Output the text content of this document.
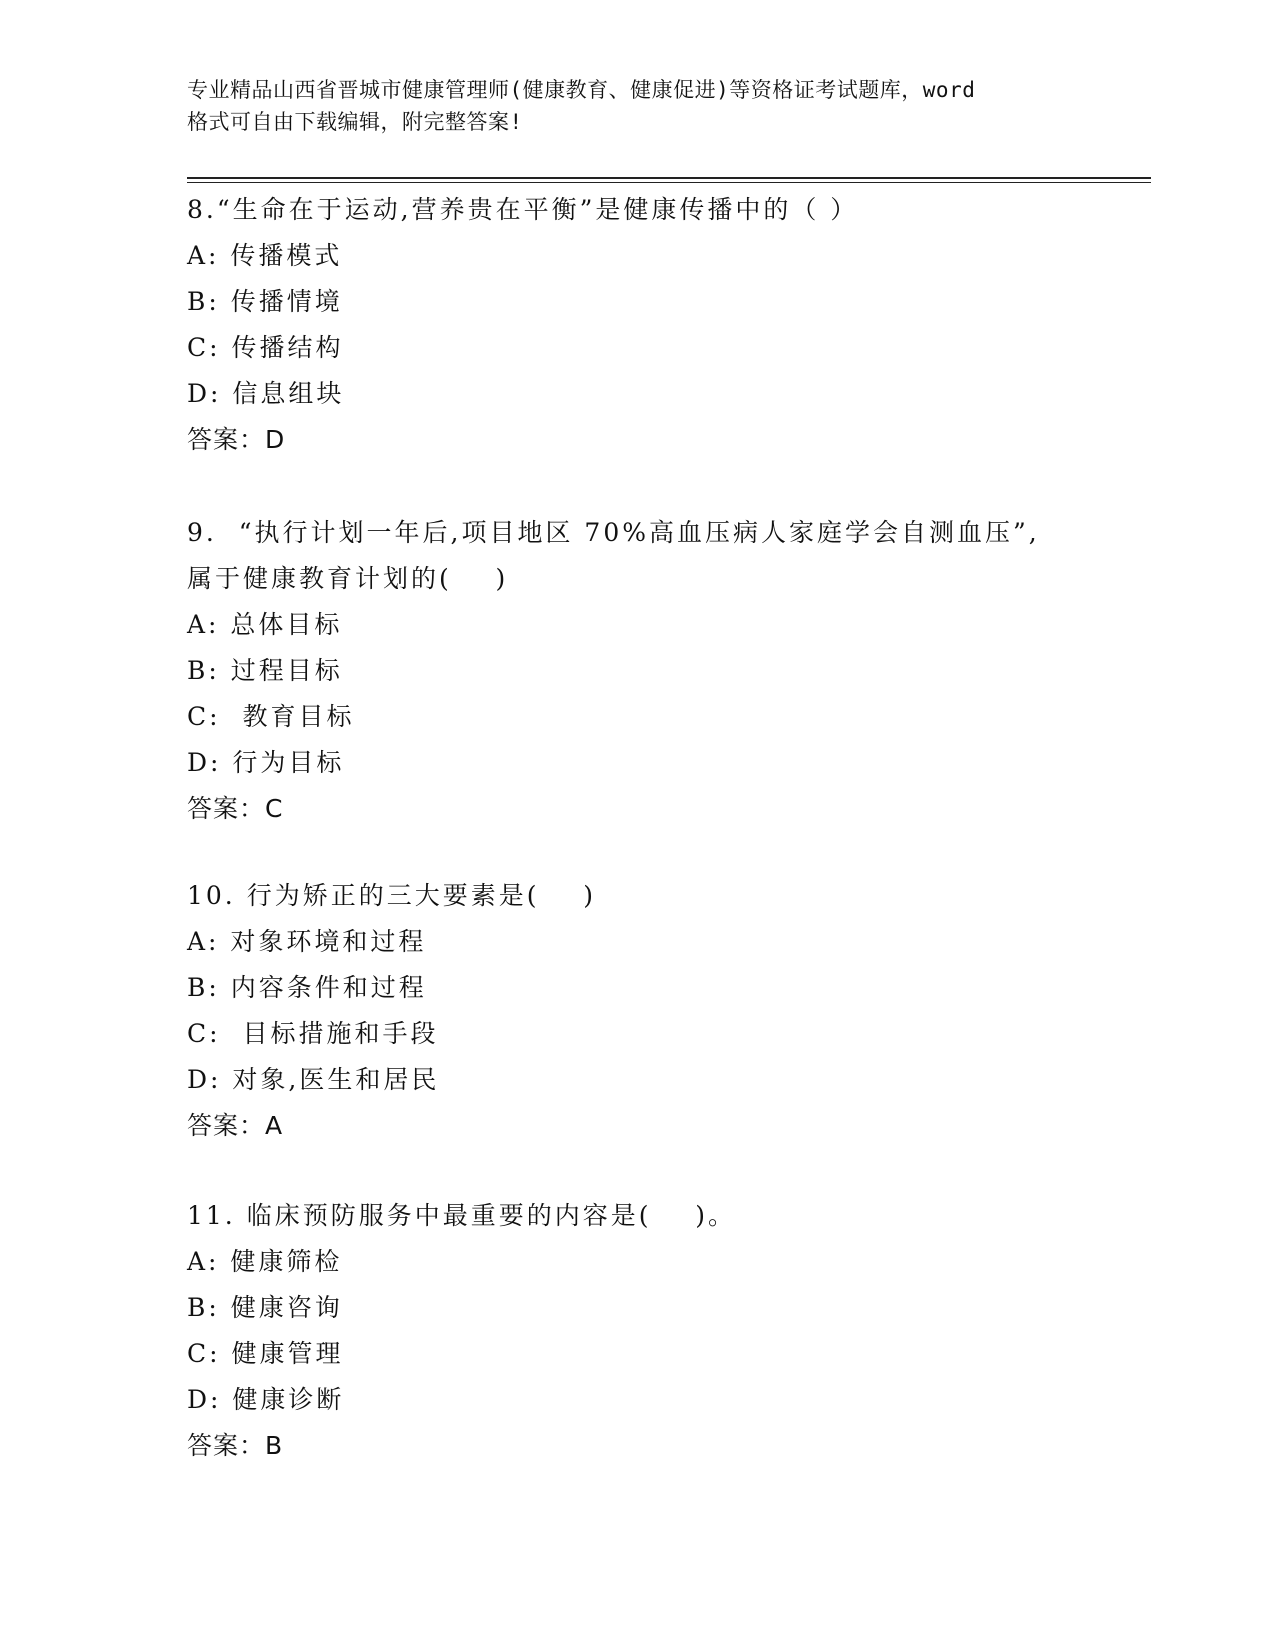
专业精品山西省晋城市健康管理师(健康教育、健康促进)等资格证考试题库，word
格式可自由下载编辑，附完整答案!
8.“生命在于运动,营养贵在平衡”是健康传播中的（ ）
A: 传播模式
B: 传播情境
C: 传播结构
D: 信息组块
答案：D
9.  “执行计划一年后,项目地区 70%高血压病人家庭学会自测血压”,
属于健康教育计划的(    )
A: 总体目标
B: 过程目标
C:  教育目标
D: 行为目标
答案：C
10. 行为矫正的三大要素是(    )
A: 对象环境和过程
B: 内容条件和过程
C:  目标措施和手段
D: 对象,医生和居民
答案：A
11. 临床预防服务中最重要的内容是(    )。
A: 健康筛检
B: 健康咨询
C: 健康管理
D: 健康诊断
答案：B
